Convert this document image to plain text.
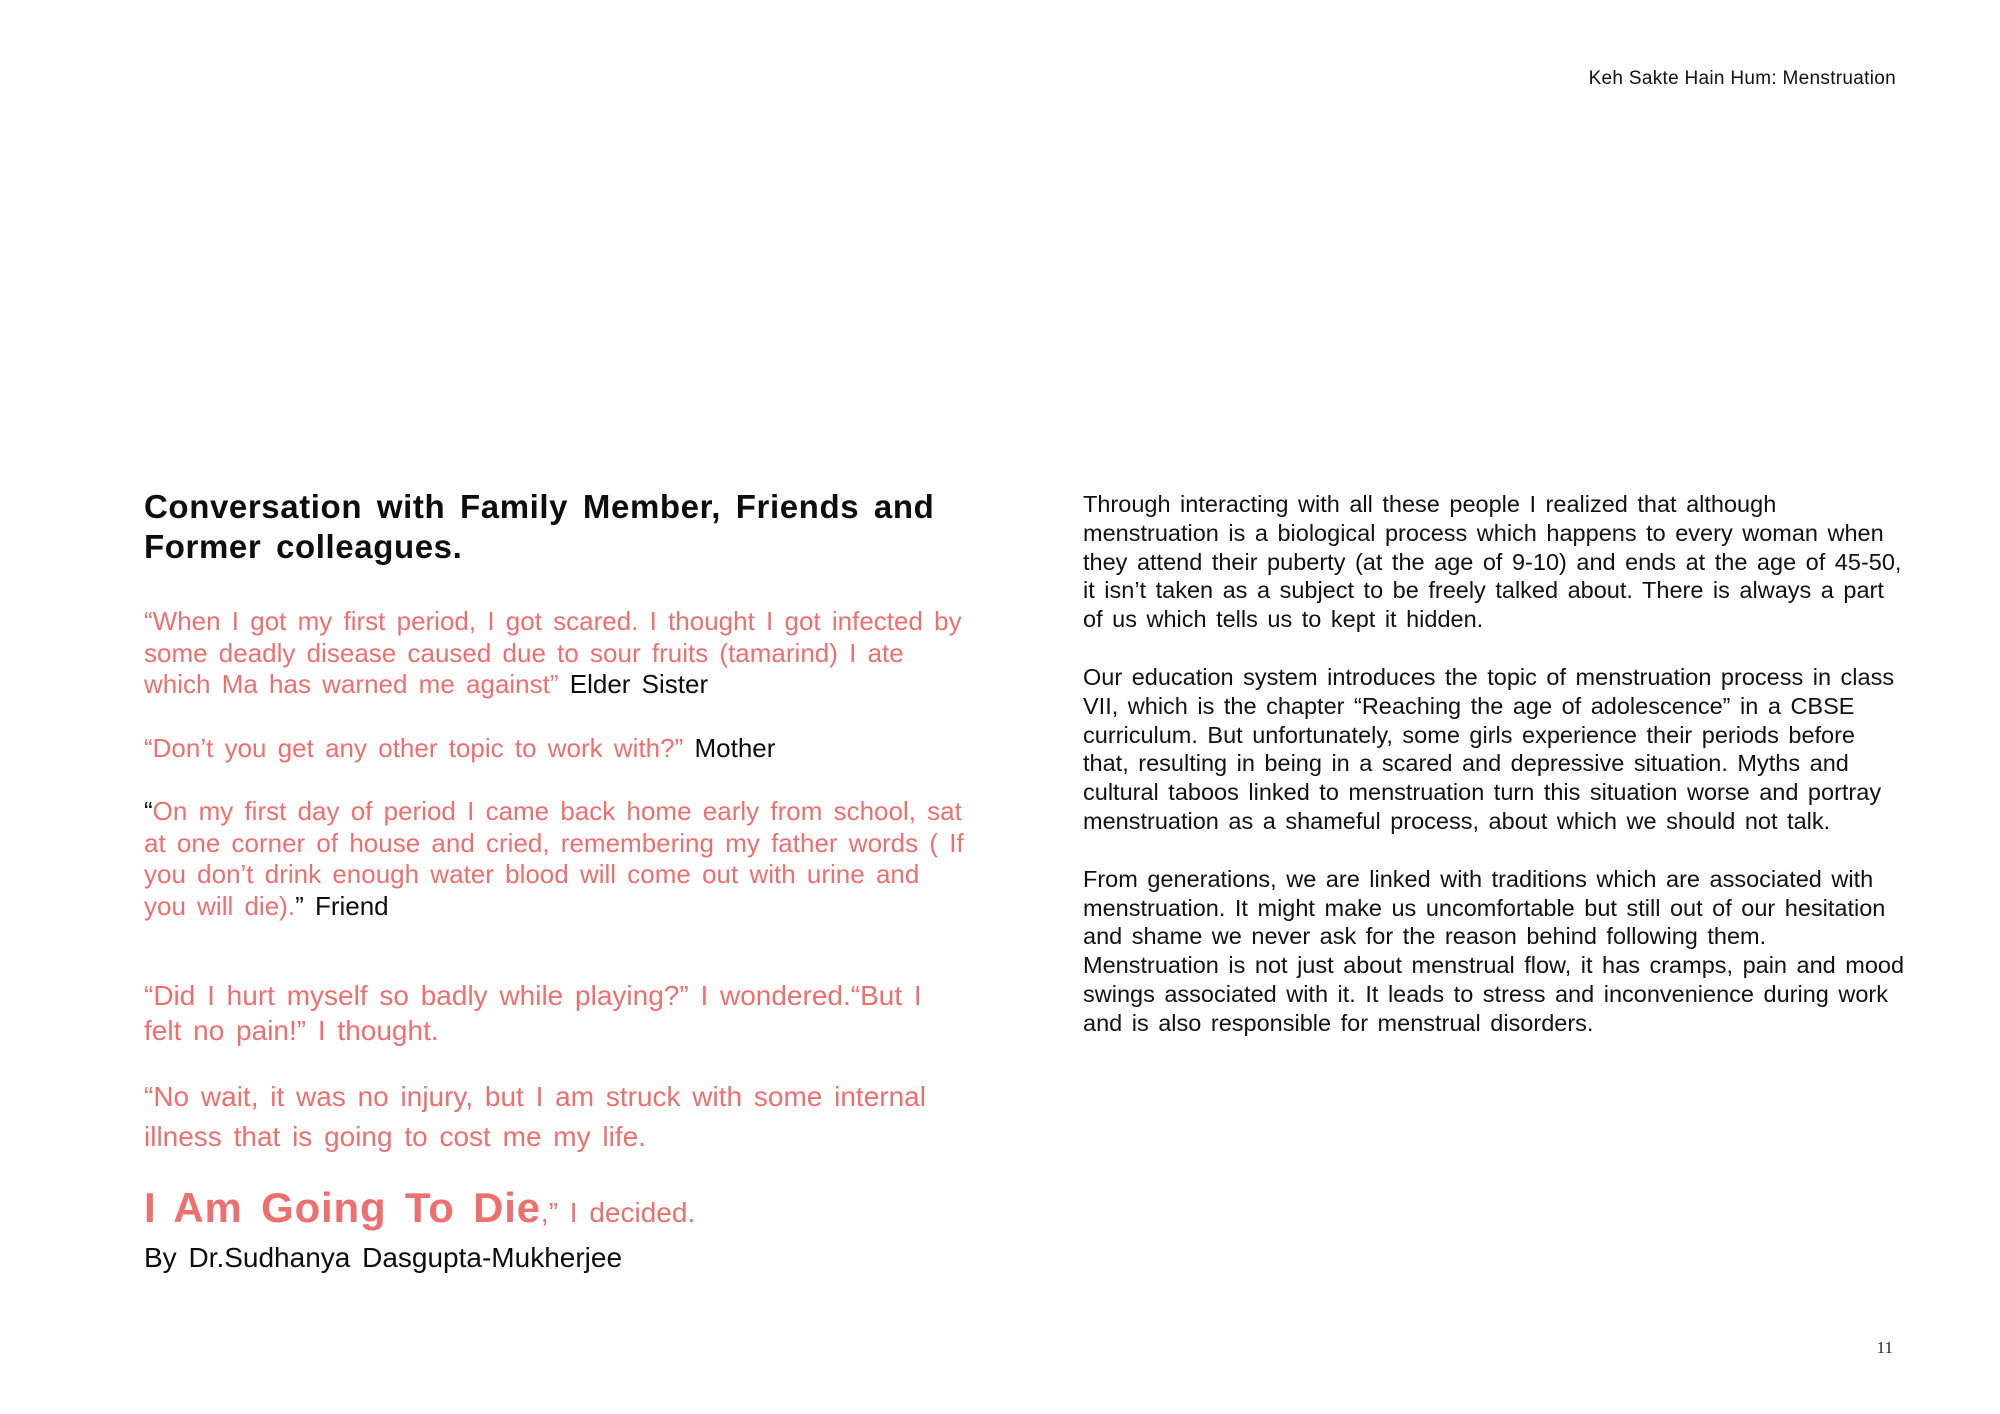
Keh Sakte Hain Hum: Menstruation
Conversation with Family Member, Friends and Former colleagues.

“When I got my first period, I got scared. I thought I got infected by some deadly disease caused due to sour fruits (tamarind) I ate which Ma has warned me against” Elder Sister

“Don’t you get any other topic to work with?” Mother

“On my first day of period I came back home early from school, sat at one corner of house and cried, remembering my father words ( If you don’t drink enough water blood will come out with urine and you will die).” Friend

“Did I hurt myself so badly while playing?” I wondered.“But I felt no pain!” I thought.

“No wait, it was no injury, but I am struck with some internal illness that is going to cost me my life.

I Am Going To Die,” I decided.

By Dr.Sudhanya Dasgupta-Mukherjee

Through interacting with all these people I realized that although menstruation is a biological process which happens to every woman when they attend their puberty (at the age of 9-10) and ends at the age of 45-50, it isn’t taken as a subject to be freely talked about. There is always a part of us which tells us to kept it hidden.

Our education system introduces the topic of menstruation process in class VII, which is the chapter “Reaching the age of adolescence” in a CBSE curriculum. But unfortunately, some girls experience their periods before that, resulting in being in a scared and depressive situation. Myths and cultural taboos linked to menstruation turn this situation worse and portray menstruation as a shameful process, about which we should not talk.

From generations, we are linked with traditions which are associated with menstruation. It might make us uncomfortable but still out of our hesitation and shame we never ask for the reason behind following them.

Menstruation is not just about menstrual flow, it has cramps, pain and mood swings associated with it. It leads to stress and inconvenience during work and is also responsible for menstrual disorders.

11
